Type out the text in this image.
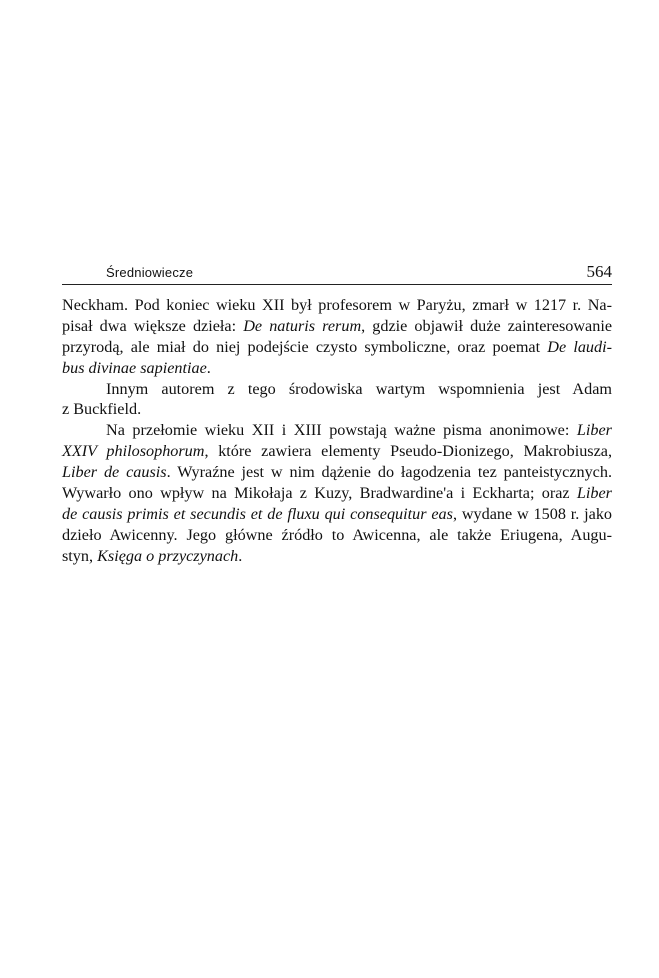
Średniowiecze	564
Neckham. Pod koniec wieku XII był profesorem w Paryżu, zmarł w 1217 r. Na-
pisał dwa większe dzieła: De naturis rerum, gdzie objawił duże zainteresowanie
przyrodą, ale miał do niej podejście czysto symboliczne, oraz poemat De laudi-
bus divinae sapientiae.
Innym autorem z tego środowiska wartym wspomnienia jest Adam
z Buckfield.
Na przełomie wieku XII i XIII powstają ważne pisma anonimowe: Liber
XXIV philosophorum, które zawiera elementy Pseudo-Dionizego, Makrobiusza,
Liber de causis. Wyraźne jest w nim dążenie do łagodzenia tez panteistycznych.
Wywarło ono wpływ na Mikołaja z Kuzy, Bradwardine'a i Eckharta; oraz Liber
de causis primis et secundis et de fluxu qui consequitur eas, wydane w 1508 r. jako
dzieło Awicenny. Jego główne źródło to Awicenna, ale także Eriugena, Augu-
styn, Księga o przyczynach.
